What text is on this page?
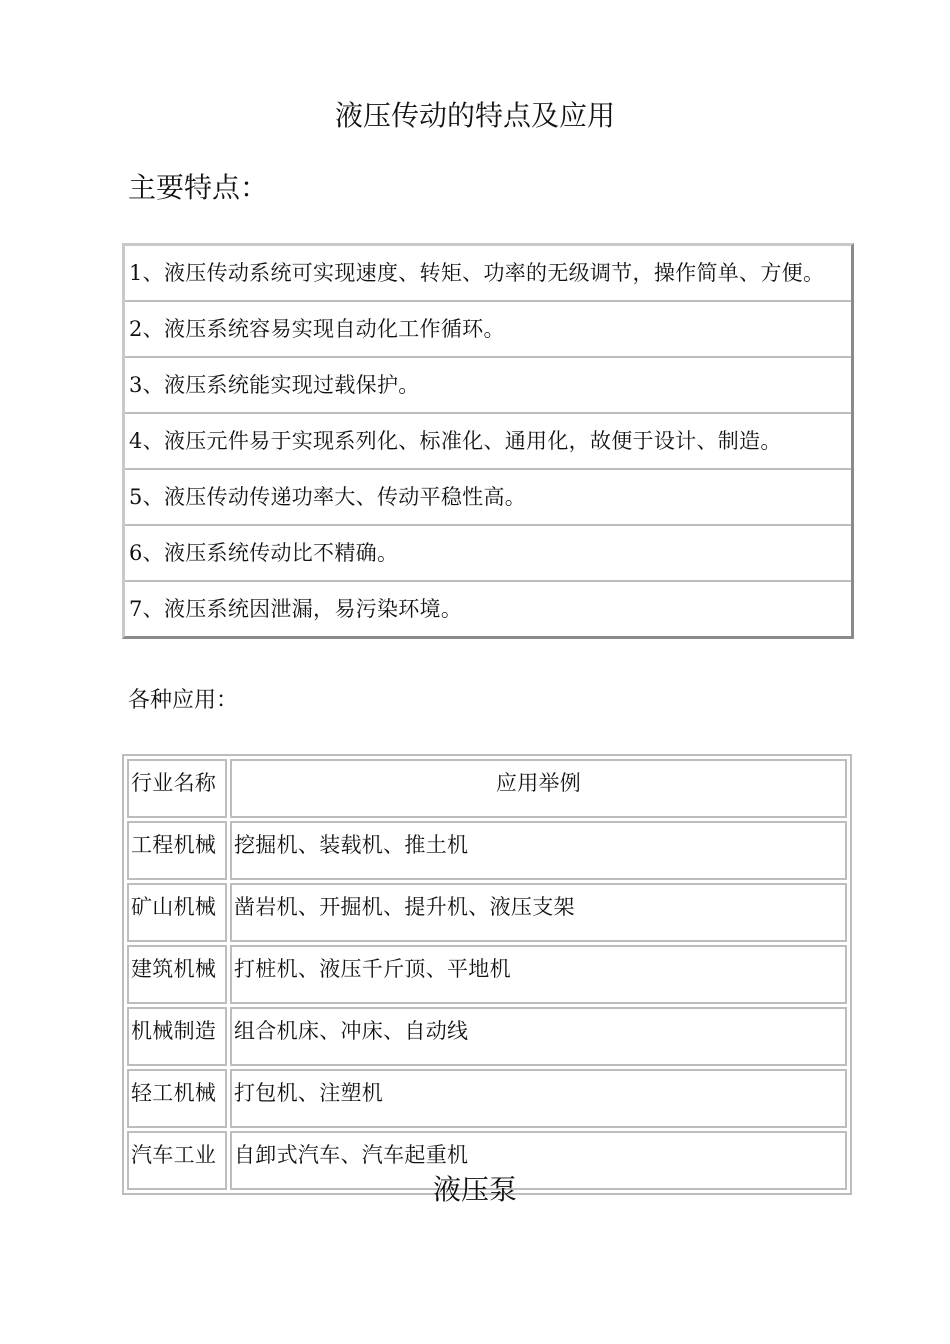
液压传动的特点及应用
主要特点：
1、液压传动系统可实现速度、转矩、功率的无级调节，操作简单、方便。
2、液压系统容易实现自动化工作循环。
3、液压系统能实现过载保护。
4、液压元件易于实现系列化、标准化、通用化，故便于设计、制造。
5、液压传动传递功率大、传动平稳性高。
6、液压系统传动比不精确。
7、液压系统因泄漏，易污染环境。
各种应用：
行业名称	应用举例
工程机械	挖掘机、装载机、推土机
矿山机械	凿岩机、开掘机、提升机、液压支架
建筑机械	打桩机、液压千斤顶、平地机
机械制造	组合机床、冲床、自动线
轻工机械	打包机、注塑机
汽车工业	自卸式汽车、汽车起重机
液压泵
